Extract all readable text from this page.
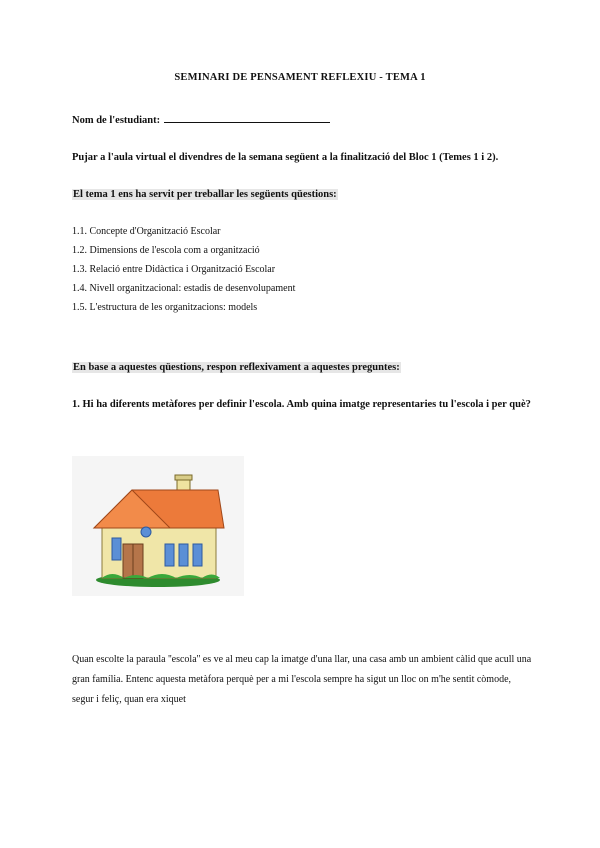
SEMINARI DE PENSAMENT REFLEXIU - TEMA 1
Nom de l'estudiant:
Pujar a l'aula virtual el divendres de la semana següent a la finalització del Bloc 1 (Temes 1 i 2).
El tema 1 ens ha servit per treballar les següents qüestions:
1.1. Concepte d'Organització Escolar
1.2. Dimensions de l'escola com a organització
1.3. Relació entre Didàctica i Organització Escolar
1.4. Nivell organitzacional: estadis de desenvolupament
1.5. L'estructura de les organitzacions: models
En base a aquestes qüestions, respon reflexivament a aquestes preguntes:
1. Hi ha diferents metàfores per definir l'escola. Amb quina imatge representaries tu l'escola i per què?
Quan escolte la paraula ''escola'' es ve al meu cap la imatge d'una llar, una casa amb un ambient càlid que acull una gran família. Entenc aquesta metàfora perquè per a mi l'escola sempre ha sigut un lloc on m'he sentit còmode, segur i feliç, quan era xiquet
